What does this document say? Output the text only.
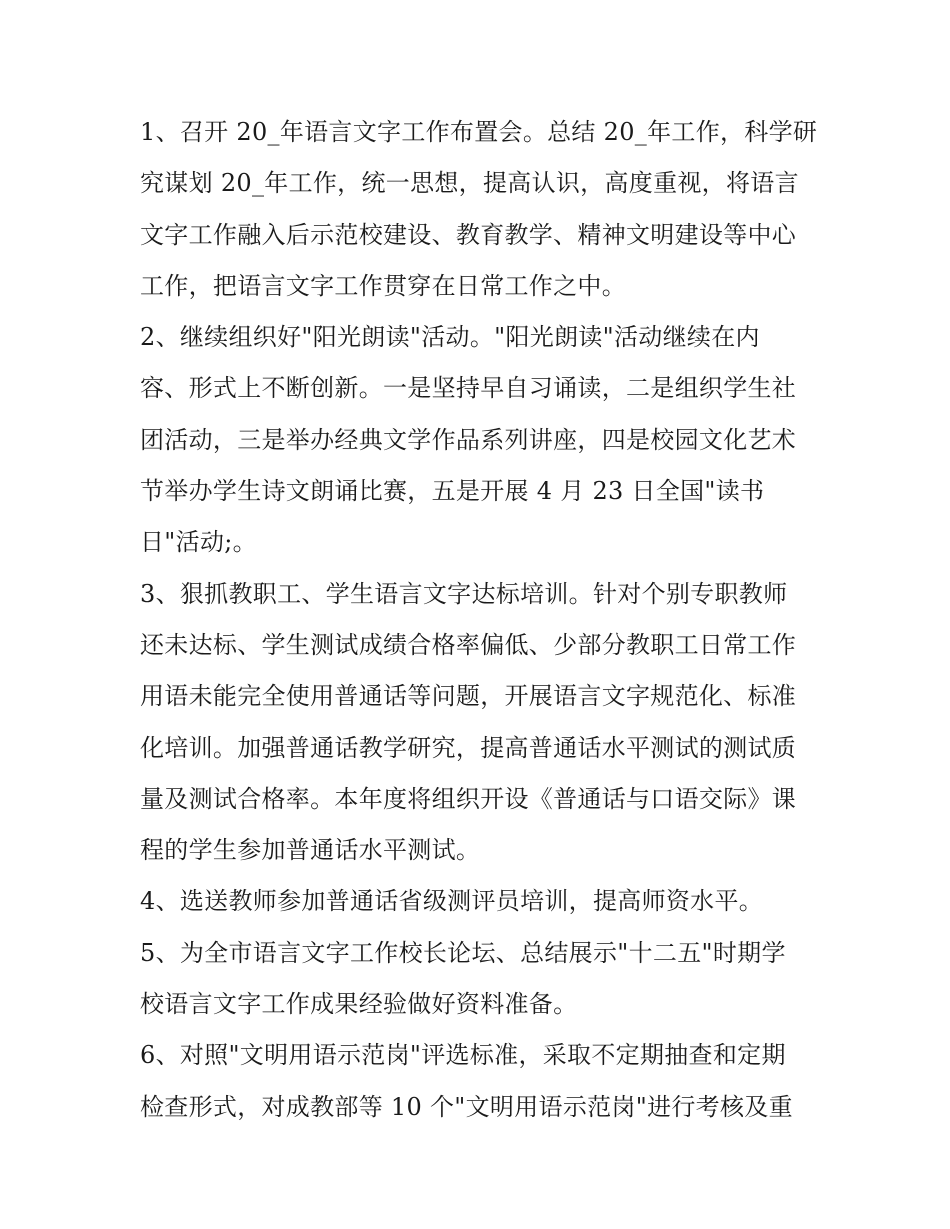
1、召开 20_年语言文字工作布置会。总结 20_年工作，科学研
究谋划 20_年工作，统一思想，提高认识，高度重视，将语言
文字工作融入后示范校建设、教育教学、精神文明建设等中心
工作，把语言文字工作贯穿在日常工作之中。
2、继续组织好"阳光朗读"活动。"阳光朗读"活动继续在内
容、形式上不断创新。一是坚持早自习诵读，二是组织学生社
团活动，三是举办经典文学作品系列讲座，四是校园文化艺术
节举办学生诗文朗诵比赛，五是开展 4 月 23 日全国"读书
日"活动;。
3、狠抓教职工、学生语言文字达标培训。针对个别专职教师
还未达标、学生测试成绩合格率偏低、少部分教职工日常工作
用语未能完全使用普通话等问题，开展语言文字规范化、标准
化培训。加强普通话教学研究，提高普通话水平测试的测试质
量及测试合格率。本年度将组织开设《普通话与口语交际》课
程的学生参加普通话水平测试。
4、选送教师参加普通话省级测评员培训，提高师资水平。
5、为全市语言文字工作校长论坛、总结展示"十二五"时期学
校语言文字工作成果经验做好资料准备。
6、对照"文明用语示范岗"评选标准，采取不定期抽查和定期
检查形式，对成教部等 10 个"文明用语示范岗"进行考核及重
